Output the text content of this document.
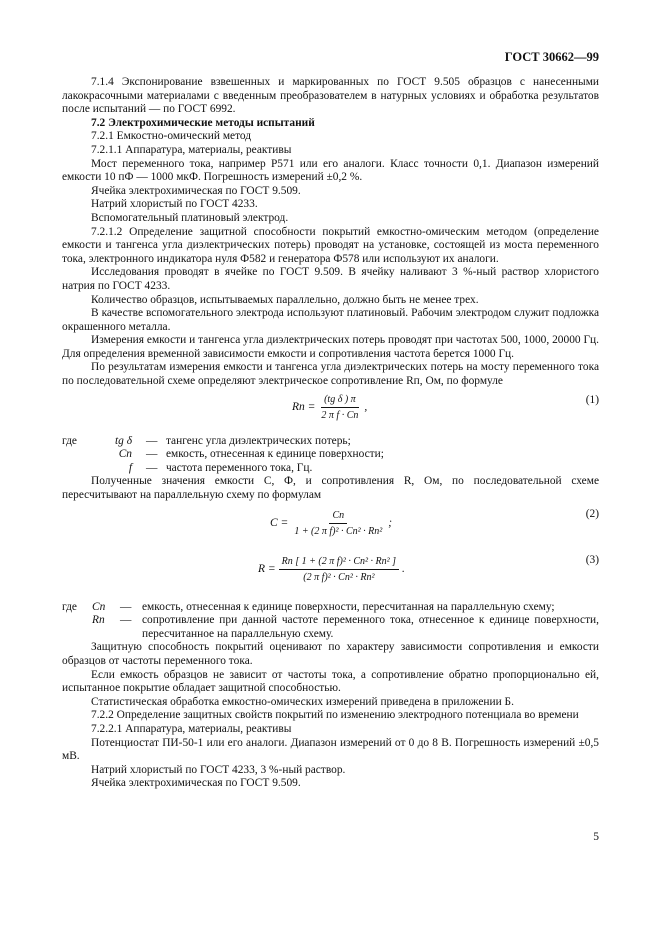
ГОСТ 30662—99

7.1.4 Экспонирование взвешенных и маркированных по ГОСТ 9.505 образцов с нанесенными лакокрасочными материалами с введенным преобразователем в натурных условиях и обработка результатов после испытаний — по ГОСТ 6992.

7.2 Электрохимические методы испытаний

7.2.1 Емкостно-омический метод

7.2.1.1 Аппаратура, материалы, реактивы

Мост переменного тока, например Р571 или его аналоги. Класс точности 0,1. Диапазон измерений емкости 10 пФ — 1000 мкФ. Погрешность измерений ±0,2 %.

Ячейка электрохимическая по ГОСТ 9.509.

Натрий хлористый по ГОСТ 4233.

Вспомогательный платиновый электрод.

7.2.1.2 Определение защитной способности покрытий емкостно-омическим методом (определение емкости и тангенса угла диэлектрических потерь) проводят на установке, состоящей из моста переменного тока, электронного индикатора нуля Ф582 и генератора Ф578 или используют их аналоги.

Исследования проводят в ячейке по ГОСТ 9.509. В ячейку наливают 3 %-ный раствор хлористого натрия по ГОСТ 4233.

Количество образцов, испытываемых параллельно, должно быть не менее трех.

В качестве вспомогательного электрода используют платиновый. Рабочим электродом служит подложка окрашенного металла.

Измерения емкости и тангенса угла диэлектрических потерь проводят при частотах 500, 1000, 20000 Гц. Для определения временной зависимости емкости и сопротивления частота берется 1000 Гц.

По результатам измерения емкости и тангенса угла диэлектрических потерь на мосту переменного тока по последовательной схеме определяют электрическое сопротивление Rп, Ом, по формуле

Rп = $\frac{\text{(tg δ ) π}}{\text{2 π f · Cп}}$ ,
(1)
где	tg δ	— тангенс угла диэлектрических потерь;
Cп	— емкость, отнесенная к единице поверхности;
f	— частота переменного тока, Гц.

Полученные значения емкости C, Ф, и сопротивления R, Ом, по последовательной схеме пересчитывают на параллельную схему по формулам

$C = \frac{Cп}{\text{1 + (2 π f)² · Cп² · Rп²}}$ ;
(2)
$R = \frac{\text{Rп [ 1 + (2 π f)² · Cп² · Rп² ]}}{\text{(2 π f)² · Cп² · Rп²}}$ .
(3)
где	Cп	— емкость, отнесенная к единице поверхности, пересчитанная на параллельную схему;
Rп	— сопротивление при данной частоте переменного тока, отнесенное к единице поверхности, пересчитанное на параллельную схему.

Защитную способность покрытий оценивают по характеру зависимости сопротивления и емкости образцов от частоты переменного тока.

Если емкость образцов не зависит от частоты тока, а сопротивление обратно пропорционально ей, испытанное покрытие обладает защитной способностью.

Статистическая обработка емкостно-омических измерений приведена в приложении Б.

7.2.2 Определение защитных свойств покрытий по изменению электродного потенциала во времени

7.2.2.1 Аппаратура, материалы, реактивы

Потенциостат ПИ-50-1 или его аналоги. Диапазон измерений от 0 до 8 В. Погрешность измерений ±0,5 мВ.

Натрий хлористый по ГОСТ 4233, 3 %-ный раствор.

Ячейка электрохимическая по ГОСТ 9.509.

5
